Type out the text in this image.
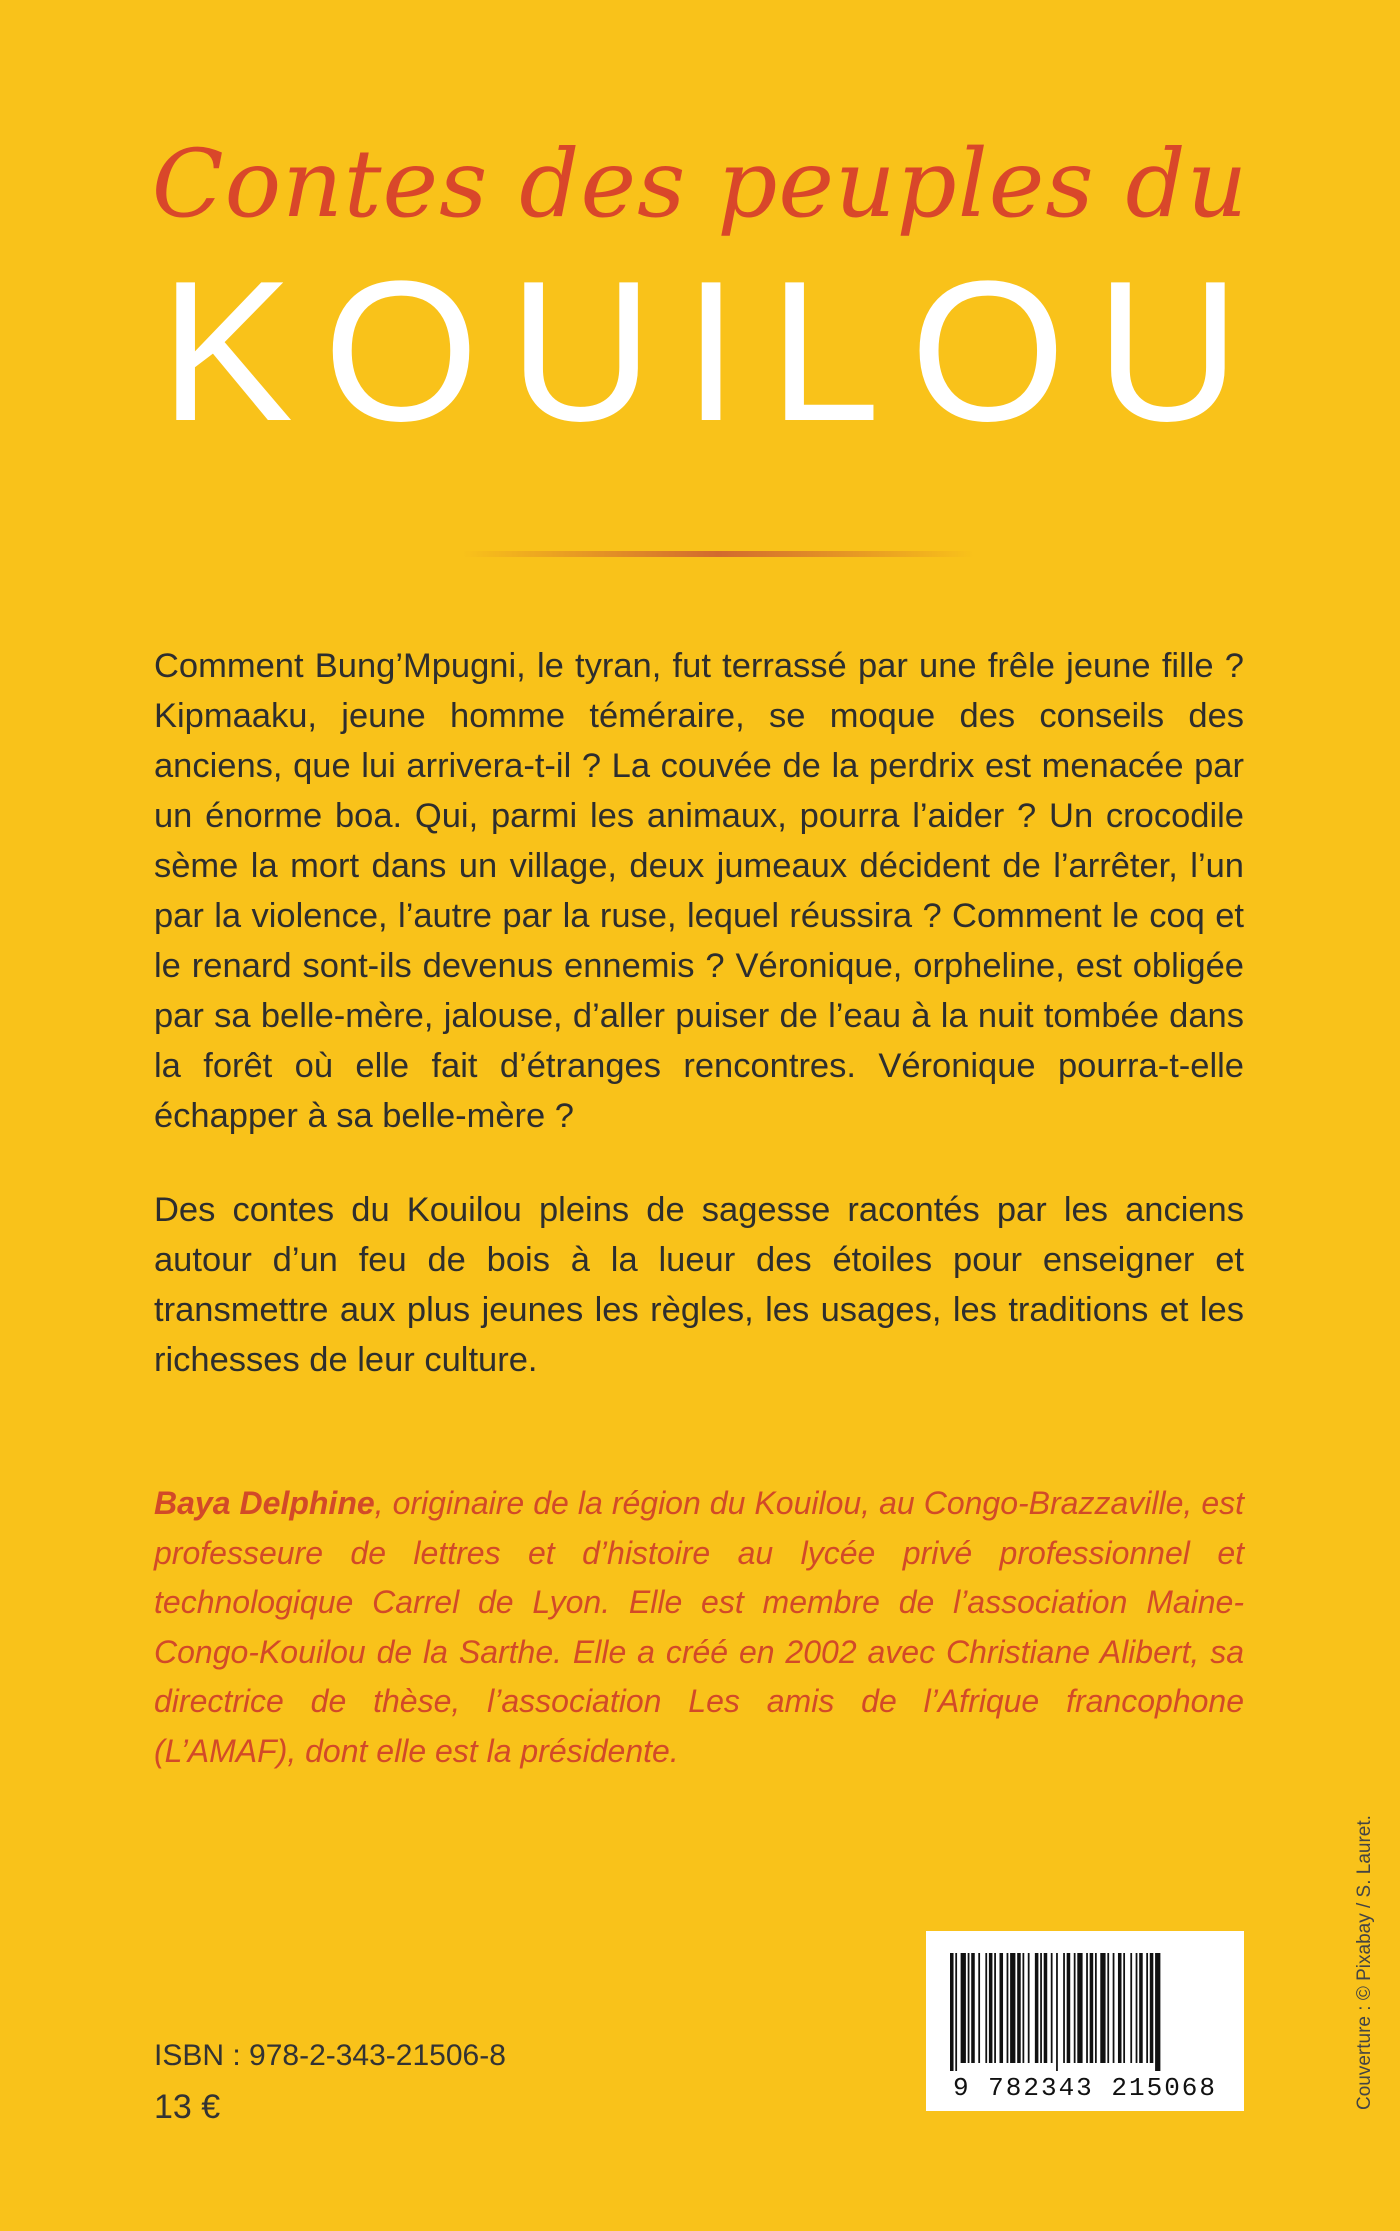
Contes des peuples du
KOUILOU

Comment Bung’Mpugni, le tyran, fut terrassé par une frêle jeune fille ? Kipmaaku, jeune homme téméraire, se moque des conseils des anciens, que lui arrivera-t-il ? La couvée de la perdrix est menacée par un énorme boa. Qui, parmi les animaux, pourra l’aider ? Un crocodile sème la mort dans un village, deux jumeaux décident de l’arrêter, l’un par la violence, l’autre par la ruse, lequel réussira ? Comment le coq et le renard sont-ils devenus ennemis ? Véronique, orpheline, est obligée par sa belle-mère, jalouse, d’aller puiser de l’eau à la nuit tombée dans la forêt où elle fait d’étranges rencontres. Véronique pourra-t-elle échapper à sa belle-mère ?

Des contes du Kouilou pleins de sagesse racontés par les anciens autour d’un feu de bois à la lueur des étoiles pour enseigner et transmettre aux plus jeunes les règles, les usages, les traditions et les richesses de leur culture.

Baya Delphine, originaire de la région du Kouilou, au Congo-Brazzaville, est professeure de lettres et d’histoire au lycée privé professionnel et technologique Carrel de Lyon. Elle est membre de l’association Maine-Congo-Kouilou de la Sarthe. Elle a créé en 2002 avec Christiane Alibert, sa directrice de thèse, l’association Les amis de l’Afrique francophone (L’AMAF), dont elle est la présidente.

ISBN : 978-2-343-21506-8
13 €	9 782343 215068	Couverture : © Pixabay / S. Lauret.
